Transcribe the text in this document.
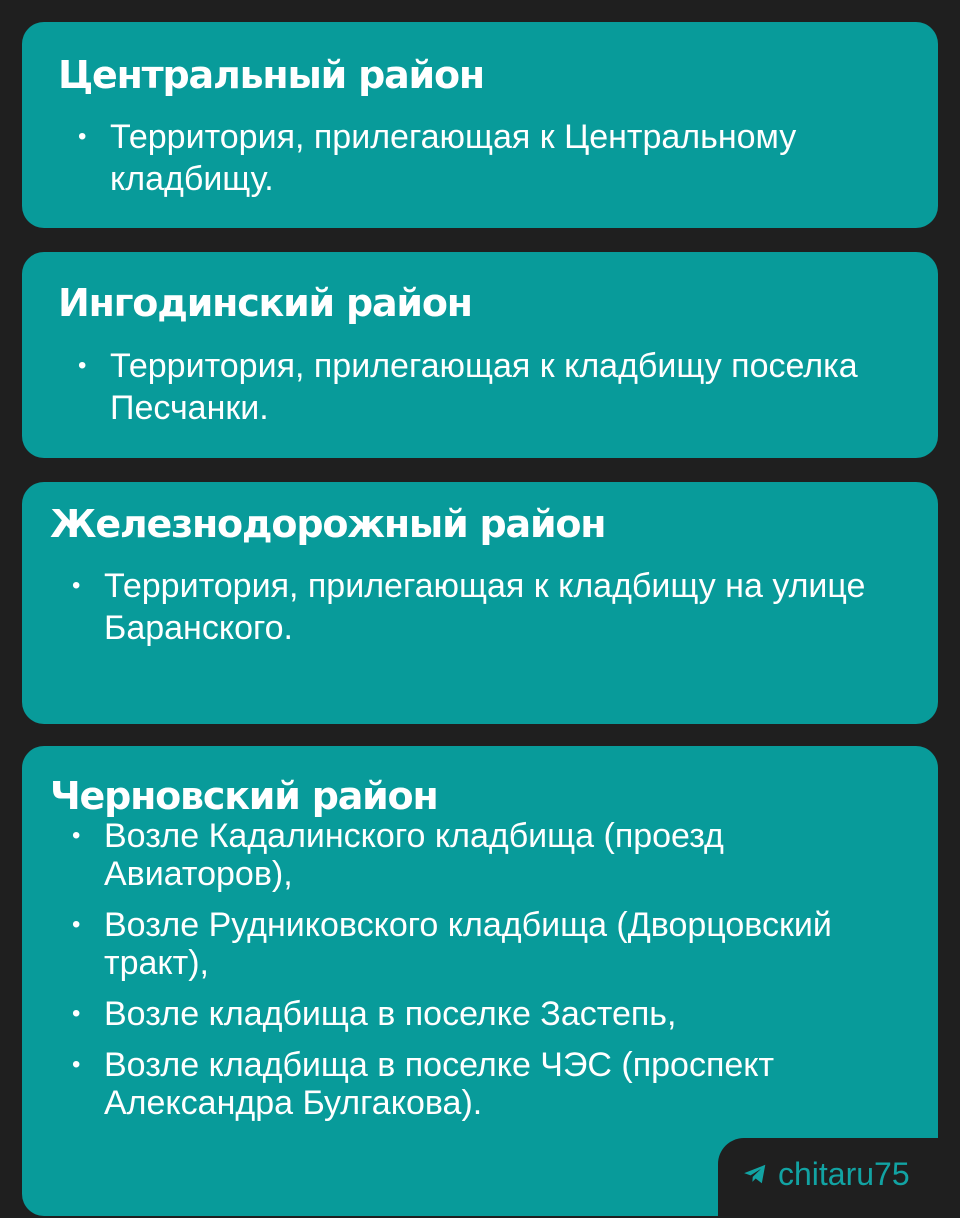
Центральный район
• Территория, прилегающая к Центральному кладбищу.
Ингодинский район
• Территория, прилегающая к кладбищу поселка Песчанки.
Железнодорожный район
• Территория, прилегающая к кладбищу на улице Баранского.
Черновский район
• Возле Кадалинского кладбища (проезд Авиаторов),
• Возле Рудниковского кладбища (Дворцовский тракт),
• Возле кладбища в поселке Застепь,
• Возле кладбища в поселке ЧЭС (проспект Александра Булгакова).
chitaru75
